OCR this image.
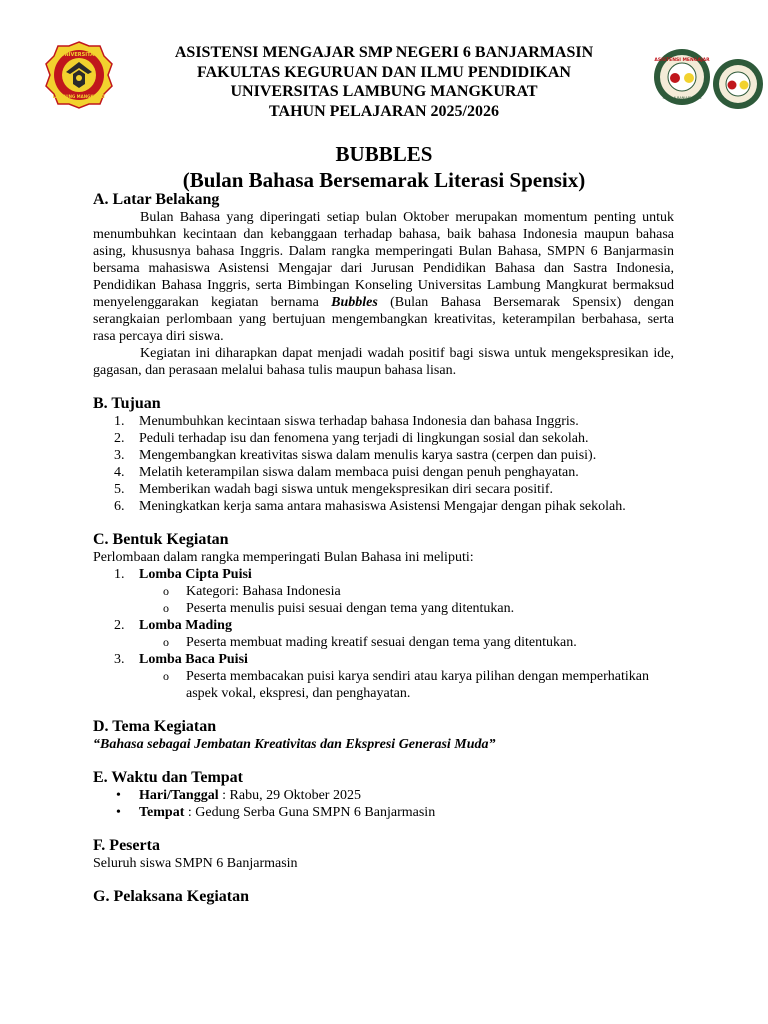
UNIVERSITAS
LAMBUNG MANGKURAT
ASISTENSI MENGAJAR SMP NEGERI 6 BANJARMASIN
FAKULTAS KEGURUAN DAN ILMU PENDIDIKAN
UNIVERSITAS LAMBUNG MANGKURAT
TAHUN PELAJARAN 2025/2026
ASISTENSI MENGAJAR
SMPN 6 BANJARMASIN
BUBBLES
(Bulan Bahasa Bersemarak Literasi Spensix)
A. Latar Belakang

Bulan Bahasa yang diperingati setiap bulan Oktober merupakan momentum penting untuk menumbuhkan kecintaan dan kebanggaan terhadap bahasa, baik bahasa Indonesia maupun bahasa asing, khususnya bahasa Inggris. Dalam rangka memperingati Bulan Bahasa, SMPN 6 Banjarmasin bersama mahasiswa Asistensi Mengajar dari Jurusan Pendidikan Bahasa dan Sastra Indonesia, Pendidikan Bahasa Inggris, serta Bimbingan Konseling Universitas Lambung Mangkurat bermaksud menyelenggarakan kegiatan bernama Bubbles (Bulan Bahasa Bersemarak Spensix) dengan serangkaian perlombaan yang bertujuan mengembangkan kreativitas, keterampilan berbahasa, serta rasa percaya diri siswa.

Kegiatan ini diharapkan dapat menjadi wadah positif bagi siswa untuk mengekspresikan ide, gagasan, dan perasaan melalui bahasa tulis maupun bahasa lisan.

B. Tujuan
1. Menumbuhkan kecintaan siswa terhadap bahasa Indonesia dan bahasa Inggris.
2. Peduli terhadap isu dan fenomena yang terjadi di lingkungan sosial dan sekolah.
3. Mengembangkan kreativitas siswa dalam menulis karya sastra (cerpen dan puisi).
4. Melatih keterampilan siswa dalam membaca puisi dengan penuh penghayatan.
5. Memberikan wadah bagi siswa untuk mengekspresikan diri secara positif.
6. Meningkatkan kerja sama antara mahasiswa Asistensi Mengajar dengan pihak sekolah.
C. Bentuk Kegiatan

Perlombaan dalam rangka memperingati Bulan Bahasa ini meliputi:

1. Lomba Cipta Puisi
o Kategori: Bahasa Indonesia
o Peserta menulis puisi sesuai dengan tema yang ditentukan.
2. Lomba Mading
o Peserta membuat mading kreatif sesuai dengan tema yang ditentukan.
3. Lomba Baca Puisi
o Peserta membacakan puisi karya sendiri atau karya pilihan dengan memperhatikan aspek vokal, ekspresi, dan penghayatan.
D. Tema Kegiatan

“Bahasa sebagai Jembatan Kreativitas dan Ekspresi Generasi Muda”

E. Waktu dan Tempat
• Hari/Tanggal : Rabu, 29 Oktober 2025
• Tempat : Gedung Serba Guna SMPN 6 Banjarmasin
F. Peserta

Seluruh siswa SMPN 6 Banjarmasin

G. Pelaksana Kegiatan
